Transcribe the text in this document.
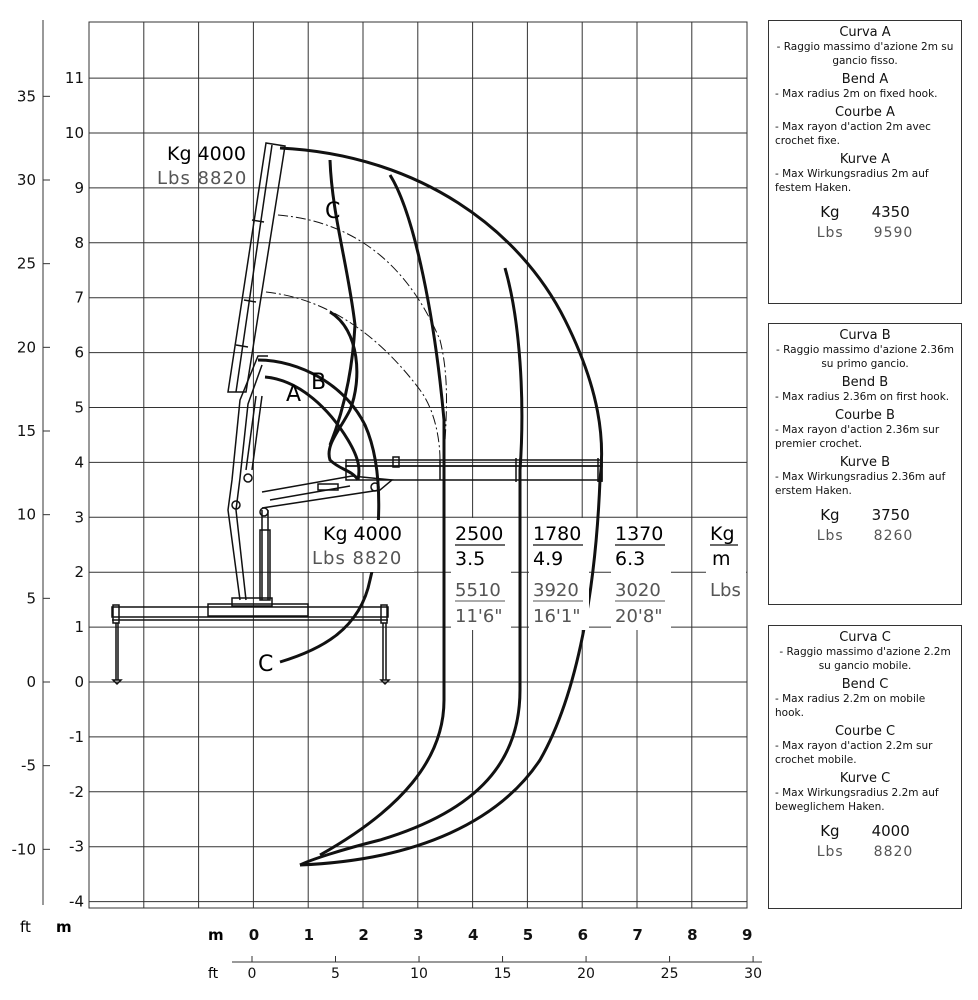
11
10
9
8
7
6
5
4
3
2
1
0
-1
-2
-3
-4
35
30
25
20
15
10
5
0
-5
-10
0	1	2	3	4	5	6	7	8	9
0	5	10	15	20	25	30
ft m	m
ft
Kg 4000
Lbs 8820
C
A B
C
Kg 4000
Lbs 8820
2500
3.5
5510
11'6"
1780
4.9
3920
16'1"
1370
6.3
3020
20'8"
Kg
m
Lbs
Curva A
- Raggio massimo d'azione 2m su gancio fisso.
Bend A
- Max radius 2m on fixed hook.
Courbe A
- Max rayon d'action 2m avec crochet fixe.
Kurve A
- Max Wirkungsradius 2m auf festem Haken.
Kg 4350
Lbs 9590
Curva B
- Raggio massimo d'azione 2.36m su primo gancio.
Bend B
- Max radius 2.36m on first hook.
Courbe B
- Max rayon d'action 2.36m sur premier crochet.
Kurve B
- Max Wirkungsradius 2.36m auf erstem Haken.
Kg 3750
Lbs 8260
Curva C
- Raggio massimo d'azione 2.2m su gancio mobile.
Bend C
- Max radius 2.2m on mobile hook.
Courbe C
- Max rayon d'action 2.2m sur crochet mobile.
Kurve C
- Max Wirkungsradius 2.2m auf beweglichem Haken.
Kg 4000
Lbs 8820
